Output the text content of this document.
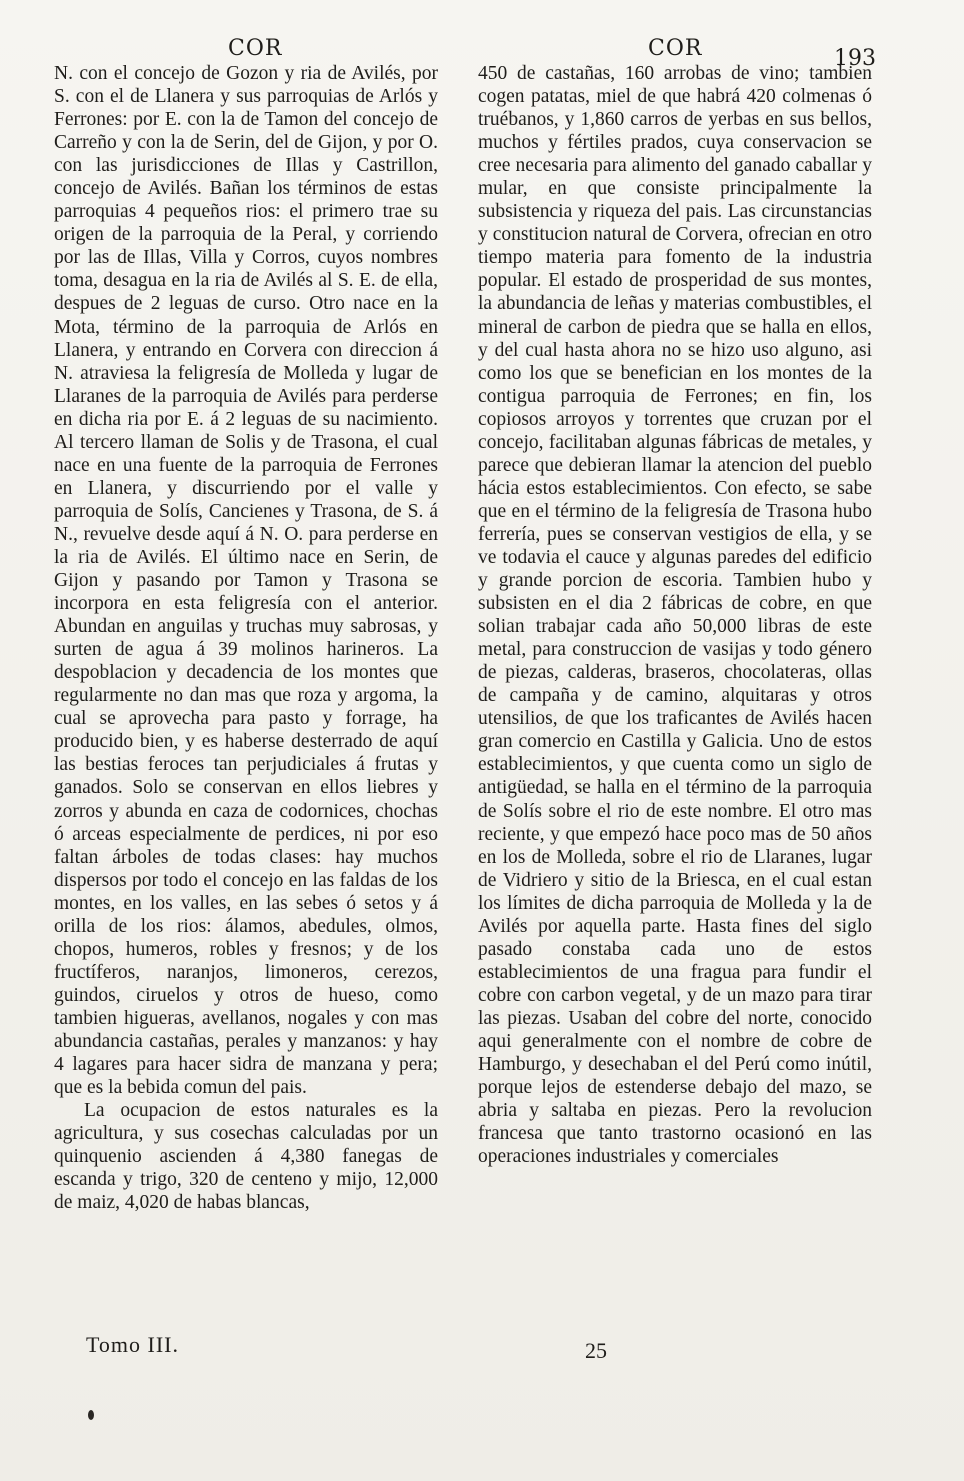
COR	COR	193

N. con el concejo de Gozon y ria de Avilés, por S. con el de Llanera y sus parroquias de Arlós y Ferrones: por E. con la de Tamon del concejo de Carreño y con la de Serin, del de Gijon, y por O. con las jurisdicciones de Illas y Castrillon, concejo de Avilés. Bañan los términos de estas parroquias 4 pequeños rios: el primero trae su origen de la parroquia de la Peral, y corriendo por las de Illas, Villa y Corros, cuyos nombres toma, desagua en la ria de Avilés al S. E. de ella, despues de 2 leguas de curso. Otro nace en la Mota, término de la parroquia de Arlós en Llanera, y entrando en Corvera con direccion á N. atraviesa la feligresía de Molleda y lugar de Llaranes de la parroquia de Avilés para perderse en dicha ria por E. á 2 leguas de su nacimiento. Al tercero llaman de Solis y de Trasona, el cual nace en una fuente de la parroquia de Ferrones en Llanera, y discurriendo por el valle y parroquia de Solís, Cancienes y Trasona, de S. á N., revuelve desde aquí á N. O. para perderse en la ria de Avilés. El último nace en Serin, de Gijon y pasando por Tamon y Trasona se incorpora en esta feligresía con el anterior. Abundan en anguilas y truchas muy sabrosas, y surten de agua á 39 molinos harineros. La despoblacion y decadencia de los montes que regularmente no dan mas que roza y argoma, la cual se aprovecha para pasto y forrage, ha producido bien, y es haberse desterrado de aquí las bestias feroces tan perjudiciales á frutas y ganados. Solo se conservan en ellos liebres y zorros y abunda en caza de codornices, chochas ó arceas especialmente de perdices, ni por eso faltan árboles de todas clases: hay muchos dispersos por todo el concejo en las faldas de los montes, en los valles, en las sebes ó setos y á orilla de los rios: álamos, abedules, olmos, chopos, humeros, robles y fresnos; y de los fructíferos, naranjos, limoneros, cerezos, guindos, ciruelos y otros de hueso, como tambien higueras, avellanos, nogales y con mas abundancia castañas, perales y manzanos: y hay 4 lagares para hacer sidra de manzana y pera; que es la bebida comun del pais.

La ocupacion de estos naturales es la agricultura, y sus cosechas calculadas por un quinquenio ascienden á 4,380 fanegas de escanda y trigo, 320 de centeno y mijo, 12,000 de maiz, 4,020 de habas blancas,

450 de castañas, 160 arrobas de vino; tambien cogen patatas, miel de que habrá 420 colmenas ó truébanos, y 1,860 carros de yerbas en sus bellos, muchos y fértiles prados, cuya conservacion se cree necesaria para alimento del ganado caballar y mular, en que consiste principalmente la subsistencia y riqueza del pais. Las circunstancias y constitucion natural de Corvera, ofrecian en otro tiempo materia para fomento de la industria popular. El estado de prosperidad de sus montes, la abundancia de leñas y materias combustibles, el mineral de carbon de piedra que se halla en ellos, y del cual hasta ahora no se hizo uso alguno, asi como los que se benefician en los montes de la contigua parroquia de Ferrones; en fin, los copiosos arroyos y torrentes que cruzan por el concejo, facilitaban algunas fábricas de metales, y parece que debieran llamar la atencion del pueblo hácia estos establecimientos. Con efecto, se sabe que en el término de la feligresía de Trasona hubo ferrería, pues se conservan vestigios de ella, y se ve todavia el cauce y algunas paredes del edificio y grande porcion de escoria. Tambien hubo y subsisten en el dia 2 fábricas de cobre, en que solian trabajar cada año 50,000 libras de este metal, para construccion de vasijas y todo género de piezas, calderas, braseros, chocolateras, ollas de campaña y de camino, alquitaras y otros utensilios, de que los traficantes de Avilés hacen gran comercio en Castilla y Galicia. Uno de estos establecimientos, y que cuenta como un siglo de antigüedad, se halla en el término de la parroquia de Solís sobre el rio de este nombre. El otro mas reciente, y que empezó hace poco mas de 50 años en los de Molleda, sobre el rio de Llaranes, lugar de Vidriero y sitio de la Briesca, en el cual estan los límites de dicha parroquia de Molleda y la de Avilés por aquella parte. Hasta fines del siglo pasado constaba cada uno de estos establecimientos de una fragua para fundir el cobre con carbon vegetal, y de un mazo para tirar las piezas. Usaban del cobre del norte, conocido aqui generalmente con el nombre de cobre de Hamburgo, y desechaban el del Perú como inútil, porque lejos de estenderse debajo del mazo, se abria y saltaba en piezas. Pero la revolucion francesa que tanto trastorno ocasionó en las operaciones industriales y comerciales

Tomo III.	25
